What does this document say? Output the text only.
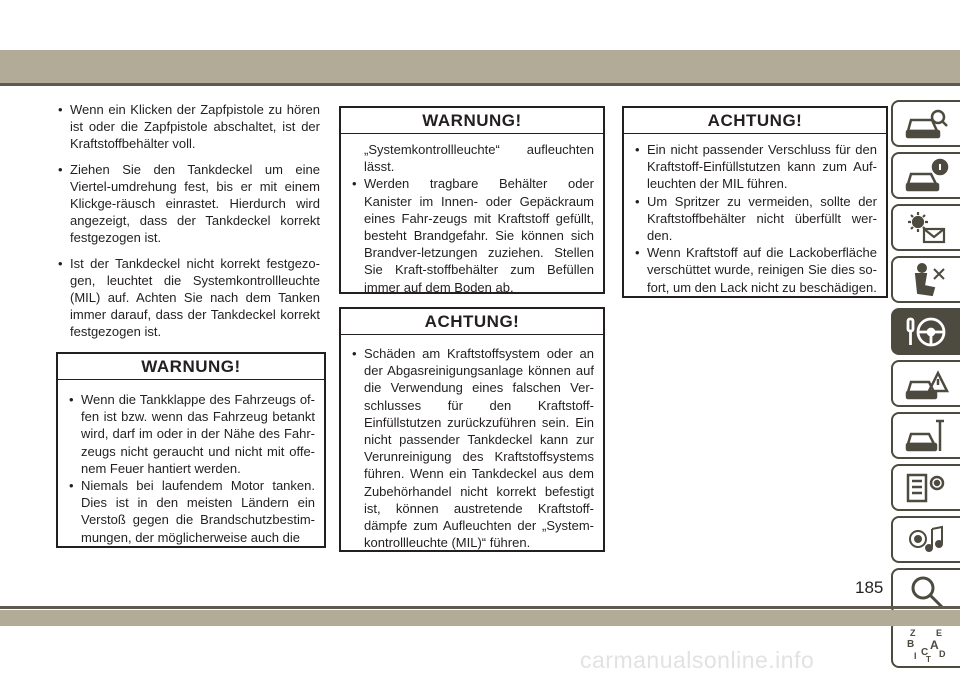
• Wenn ein Klicken der Zapfpistole zu hören ist oder die Zapfpistole abschaltet, ist der Kraftstoffbehälter voll.
• Ziehen Sie den Tankdeckel um eine Viertel-umdrehung fest, bis er mit einem Klickge-räusch einrastet. Hierdurch wird angezeigt, dass der Tankdeckel korrekt festgezogen ist.
• Ist der Tankdeckel nicht korrekt festgezo-gen, leuchtet die Systemkontrollleuchte (MIL) auf. Achten Sie nach dem Tanken immer darauf, dass der Tankdeckel korrekt festgezogen ist.
WARNUNG!
• Wenn die Tankklappe des Fahrzeugs of-fen ist bzw. wenn das Fahrzeug betankt wird, darf im oder in der Nähe des Fahr-zeugs nicht geraucht und nicht mit offe-nem Feuer hantiert werden.
• Niemals bei laufendem Motor tanken. Dies ist in den meisten Ländern ein Verstoß gegen die Brandschutzbestim-mungen, der möglicherweise auch die
WARNUNG!
„Systemkontrollleuchte“ aufleuchten lässt.
• Werden tragbare Behälter oder Kanister im Innen- oder Gepäckraum eines Fahr-zeugs mit Kraftstoff gefüllt, besteht Brandgefahr. Sie können sich Brandver-letzungen zuziehen. Stellen Sie Kraft-stoffbehälter zum Befüllen immer auf dem Boden ab.
ACHTUNG!
• Schäden am Kraftstoffsystem oder an der Abgasreinigungsanlage können auf die Verwendung eines falschen Ver-schlusses für den Kraftstoff-Einfüllstutzen zurückzuführen sein. Ein nicht passender Tankdeckel kann zur Verunreinigung des Kraftstoffsystems führen. Wenn ein Tankdeckel aus dem Zubehörhandel nicht korrekt befestigt ist, können austretende Kraftstoff-dämpfe zum Aufleuchten der „System-kontrollleuchte (MIL)“ führen.
ACHTUNG!
• Ein nicht passender Verschluss für den Kraftstoff-Einfüllstutzen kann zum Auf-leuchten der MIL führen.
• Um Spritzer zu vermeiden, sollte der Kraftstoffbehälter nicht überfüllt wer-den.
• Wenn Kraftstoff auf die Lackoberfläche verschüttet wurde, reinigen Sie dies so-fort, um den Lack nicht zu beschädigen.
Z E
B A
I C D
T
185
carmanualsonline.info
